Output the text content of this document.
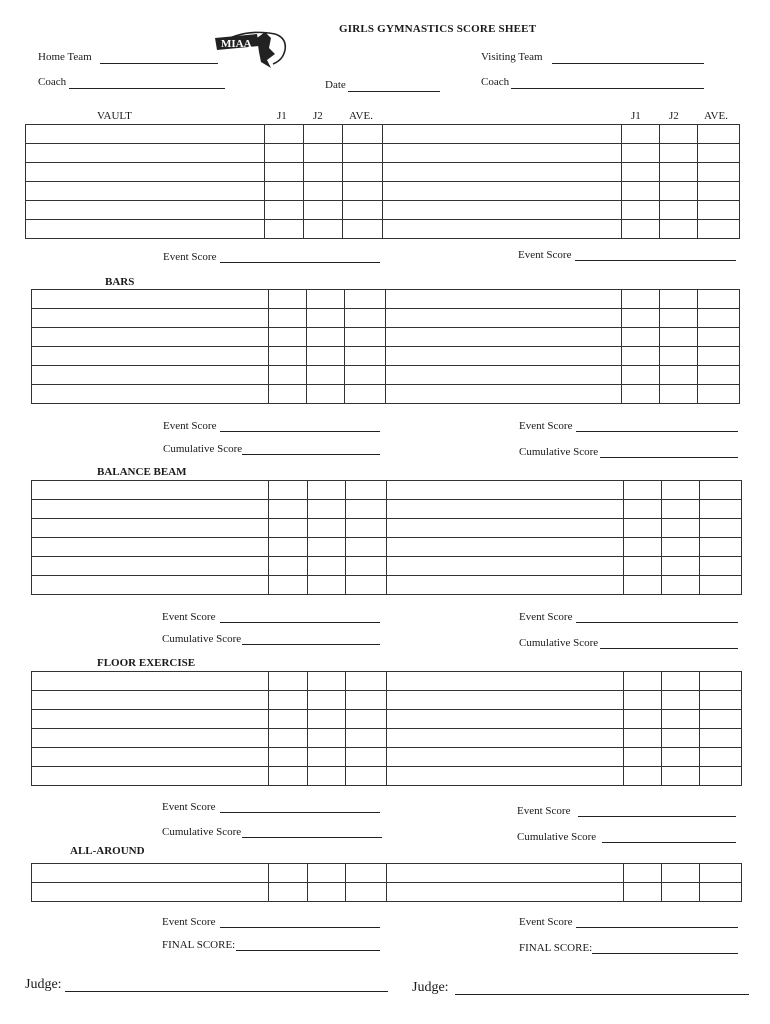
GIRLS GYMNASTICS SCORE SHEET
MIAA
Home Team	Visiting Team
Coach	Date	Coach
VAULT	J1 J2 AVE.	J1	J2 AVE.

Event Score	Event Score
BARS

Event Score
Cumulative Score
Event Score
Cumulative Score
BALANCE BEAM

Event Score
Cumulative Score
Event Score
Cumulative Score
FLOOR EXERCISE

Event Score
Cumulative Score
Event Score
Cumulative Score
ALL-AROUND

Event Score
FINAL SCORE:
Event Score
FINAL SCORE:
Judge:	Judge:
